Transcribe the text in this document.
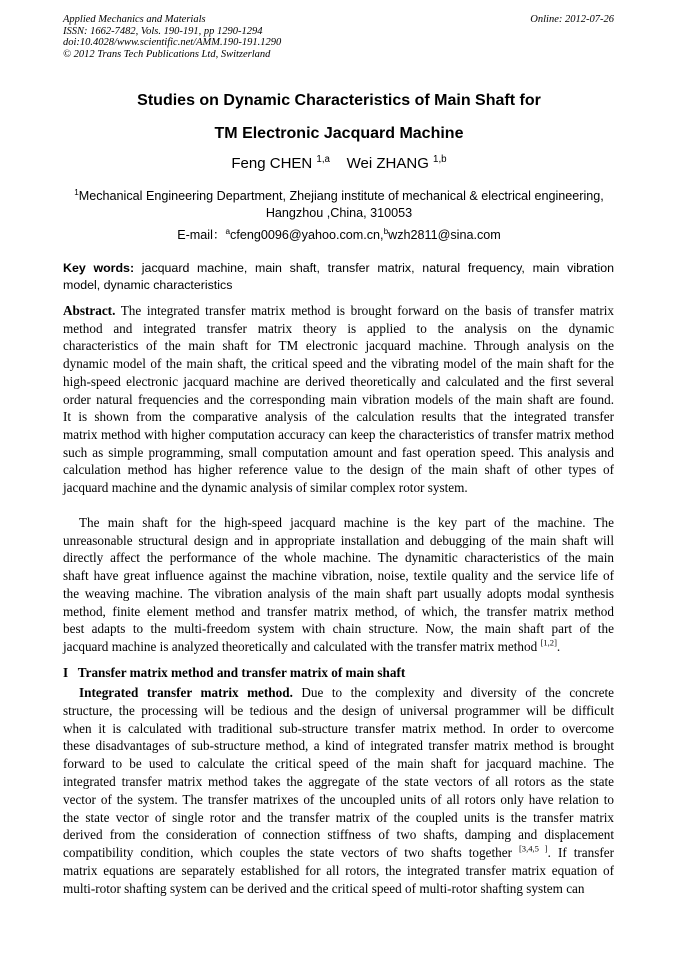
Applied Mechanics and Materials
ISSN: 1662-7482, Vols. 190-191, pp 1290-1294
doi:10.4028/www.scientific.net/AMM.190-191.1290
© 2012 Trans Tech Publications Ltd, Switzerland
Online: 2012-07-26
Studies on Dynamic Characteristics of Main Shaft for
TM Electronic Jacquard Machine
Feng CHEN $^{1,a}$ Wei ZHANG $^{1,b}$
$^1$Mechanical Engineering Department, Zhejiang institute of mechanical & electrical engineering,
Hangzhou ,China, 310053
E-mail：$^a$cfeng0096@yahoo.com.cn,$^b$wzh2811@sina.com
Key words: jacquard machine, main shaft, transfer matrix, natural frequency, main vibration
model, dynamic characteristics
Abstract. The integrated transfer matrix method is brought forward on the basis of transfer matrix
method and integrated transfer matrix theory is applied to the analysis on the dynamic
characteristics of the main shaft for TM electronic jacquard machine. Through analysis on the
dynamic model of the main shaft, the critical speed and the vibrating model of the main shaft for the
high-speed electronic jacquard machine are derived theoretically and calculated and the first several
order natural frequencies and the corresponding main vibration models of the main shaft are found.
It is shown from the comparative analysis of the calculation results that the integrated transfer
matrix method with higher computation accuracy can keep the characteristics of transfer matrix method
such as simple programming, small computation amount and fast operation speed. This analysis and
calculation method has higher reference value to the design of the main shaft of other types of
jacquard machine and the dynamic analysis of similar complex rotor system.
The main shaft for the high-speed jacquard machine is the key part of the machine. The
unreasonable structural design and in appropriate installation and debugging of the main shaft will
directly affect the performance of the whole machine. The dynamitic characteristics of the main
shaft have great influence against the machine vibration, noise, textile quality and the service life of
the weaving machine. The vibration analysis of the main shaft part usually adopts modal synthesis
method, finite element method and transfer matrix method, of which, the transfer matrix method
best adapts to the multi-freedom system with chain structure. Now, the main shaft part of the
jacquard machine is analyzed theoretically and calculated with the transfer matrix method [1,2].
I   Transfer matrix method and transfer matrix of main shaft
Integrated transfer matrix method. Due to the complexity and diversity of the concrete
structure, the processing will be tedious and the design of universal programmer will be difficult
when it is calculated with traditional sub-structure transfer matrix method. In order to overcome
these disadvantages of sub-structure method, a kind of integrated transfer matrix method is brought
forward to be used to calculate the critical speed of the main shaft for jacquard machine. The
integrated transfer matrix method takes the aggregate of the state vectors of all rotors as the state
vector of the system. The transfer matrixes of the uncoupled units of all rotors only have relation to
the state vector of single rotor and the transfer matrix of the coupled units is the transfer matrix
derived from the consideration of connection stiffness of two shafts, damping and displacement
compatibility condition, which couples the state vectors of two shafts together [3,4,5 ]. If transfer
matrix equations are separately established for all rotors, the integrated transfer matrix equation of
multi-rotor shafting system can be derived and the critical speed of multi-rotor shafting system can
